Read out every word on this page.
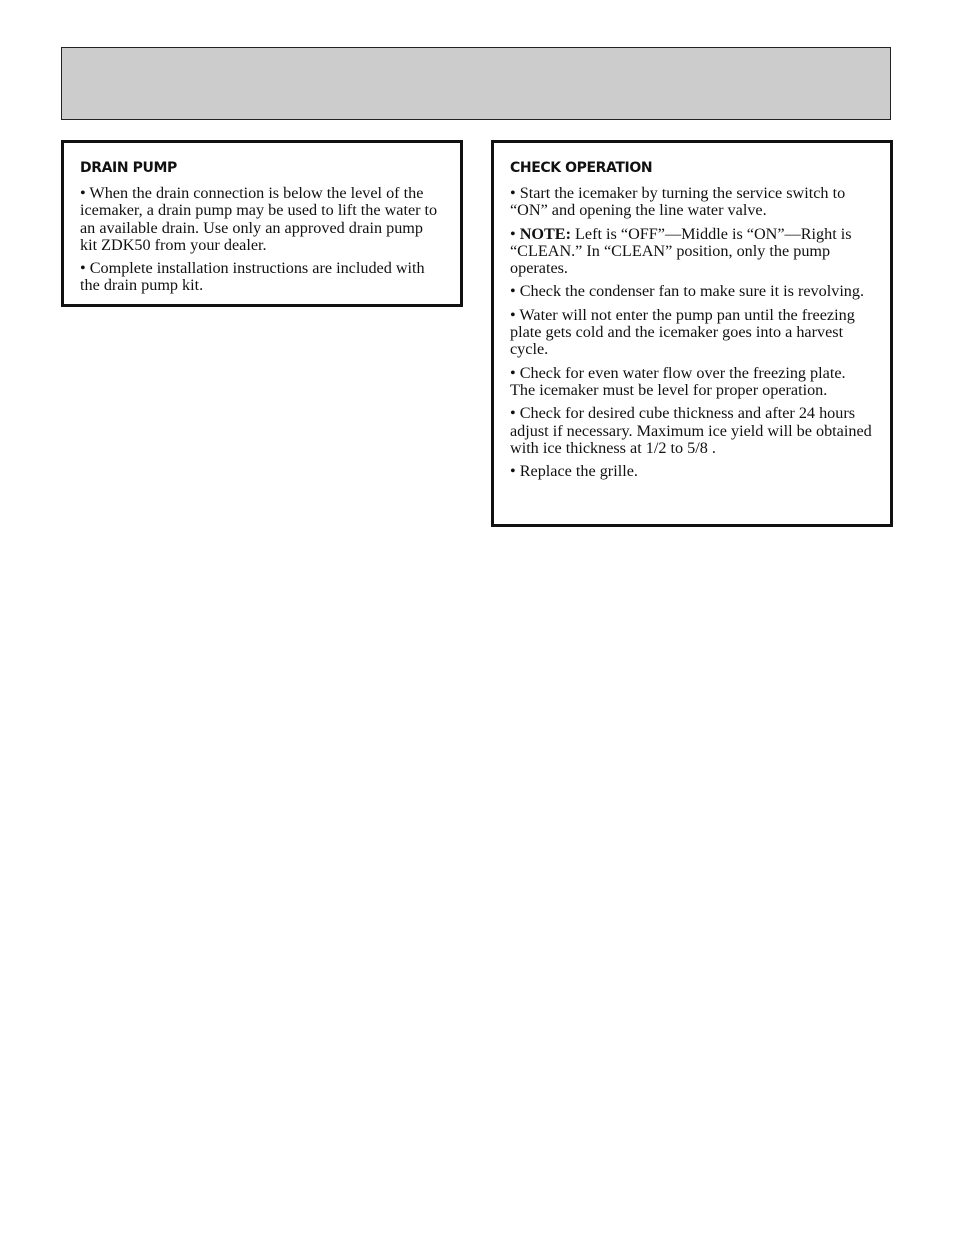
DRAIN PUMP

• When the drain connection is below the level of the icemaker, a drain pump may be used to lift the water to an available drain. Use only an approved drain pump kit ZDK50 from your dealer.

• Complete installation instructions are included with the drain pump kit.

CHECK OPERATION

• Start the icemaker by turning the service switch to “ON” and opening the line water valve.

• NOTE: Left is “OFF”—Middle is “ON”—Right is “CLEAN.” In “CLEAN” position, only the pump operates.

• Check the condenser fan to make sure it is revolving.

• Water will not enter the pump pan until the freezing plate gets cold and the icemaker goes into a harvest cycle.

• Check for even water flow over the freezing plate. The icemaker must be level for proper operation.

• Check for desired cube thickness and after 24 hours adjust if necessary. Maximum ice yield will be obtained with ice thickness at 1/2 to 5/8 .

• Replace the grille.
